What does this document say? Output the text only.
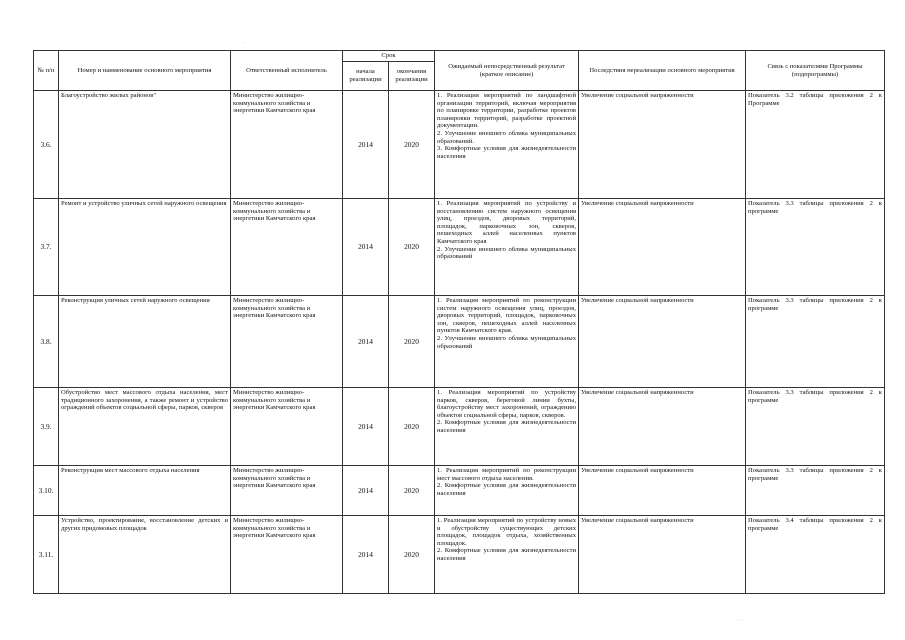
№ п/п	Номер и наименование основного мероприятия	Ответственный исполнитель	Срок		Ожидаемый непосредственный результат (краткое описание)	Последствия нереализации основного мероприятия	Связь с показателями Программы (подпрограммы)
			начала реализации	окончания реализации			
3.6.	Благоустройство жилых районов"	Министерство жилищно-коммунального хозяйства и энергетики Камчатского края	2014	2020	1. Реализация мероприятий по ландшафтной организации территорий, включая мероприятия по планировке территории, разработке проектов планировки территорий, разработке проектной документации.
2. Улучшение внешнего облика муниципальных образований.
3. Комфортные условия для жизнедеятельности населения	Увеличение социальной напряженности	Показатель 3.2 таблицы приложения 2 к Программе
3.7.	Ремонт и устройство уличных сетей наружного освещения	Министерство жилищно-коммунального хозяйства и энергетики Камчатского края	2014	2020	1. Реализация мероприятий по устройству и восстановлению систем наружного освещения улиц, проездов, дворовых территорий, площадок, парковочных зон, скверов, пешеходных аллей населенных пунктов Камчатского края
2. Улучшение внешнего облика муниципальных образований	Увеличение социальной напряженности	Показатель 3.3 таблицы приложения 2 к программе
3.8.	Реконструкция уличных сетей наружного освещения	Министерство жилищно-коммунального хозяйства и энергетики Камчатского края	2014	2020	1. Реализация мероприятий по реконструкции систем наружного освещения улиц, проездов, дворовых территорий, площадок, парковочных зон, скверов, пешеходных аллей населенных пунктов Камчатского края.
2. Улучшение внешнего облика муниципальных образований	Увеличение социальной напряженности	Показатель 3.3 таблицы приложения 2 к программе
3.9.	Обустройство мест массового отдыха населения, мест традиционного захоронения, а также ремонт и устройство ограждений объектов социальной сферы, парков, скверов	Министерство жилищно-коммунального хозяйства и энергетики Камчатского края	2014	2020	1. Реализация мероприятий по устройству парков, скверов, береговой линии бухты, благоустройству мест захоронений, ограждению объектов социальной сферы, парков, скверов.
2. Комфортные условия для жизнедеятельности населения	Увеличение социальной напряженности	Показатель 3.3 таблицы приложения 2 к программе
3.10.	Реконструкция мест массового отдыха населения	Министерство жилищно-коммунального хозяйства и энергетики Камчатского края	2014	2020	1. Реализация мероприятий по реконструкции мест массового отдыха населения.
2. Комфортные условия для жизнедеятельности населения	Увеличение социальной напряженности	Показатель 3.3 таблицы приложения 2 к программе
3.11.	Устройство, проектирование, восстановление детских и других придомовых площадок	Министерство жилищно-коммунального хозяйства и энергетики Камчатского края	2014	2020	1. Реализация мероприятий по устройству новых и обустройству существующих детских площадок, площадок отдыха, хозяйственных площадок.
2. Комфортные условия для жизнедеятельности населения	Увеличение социальной напряженности	Показатель 3.4 таблицы приложения 2 к программе
·
· ·
